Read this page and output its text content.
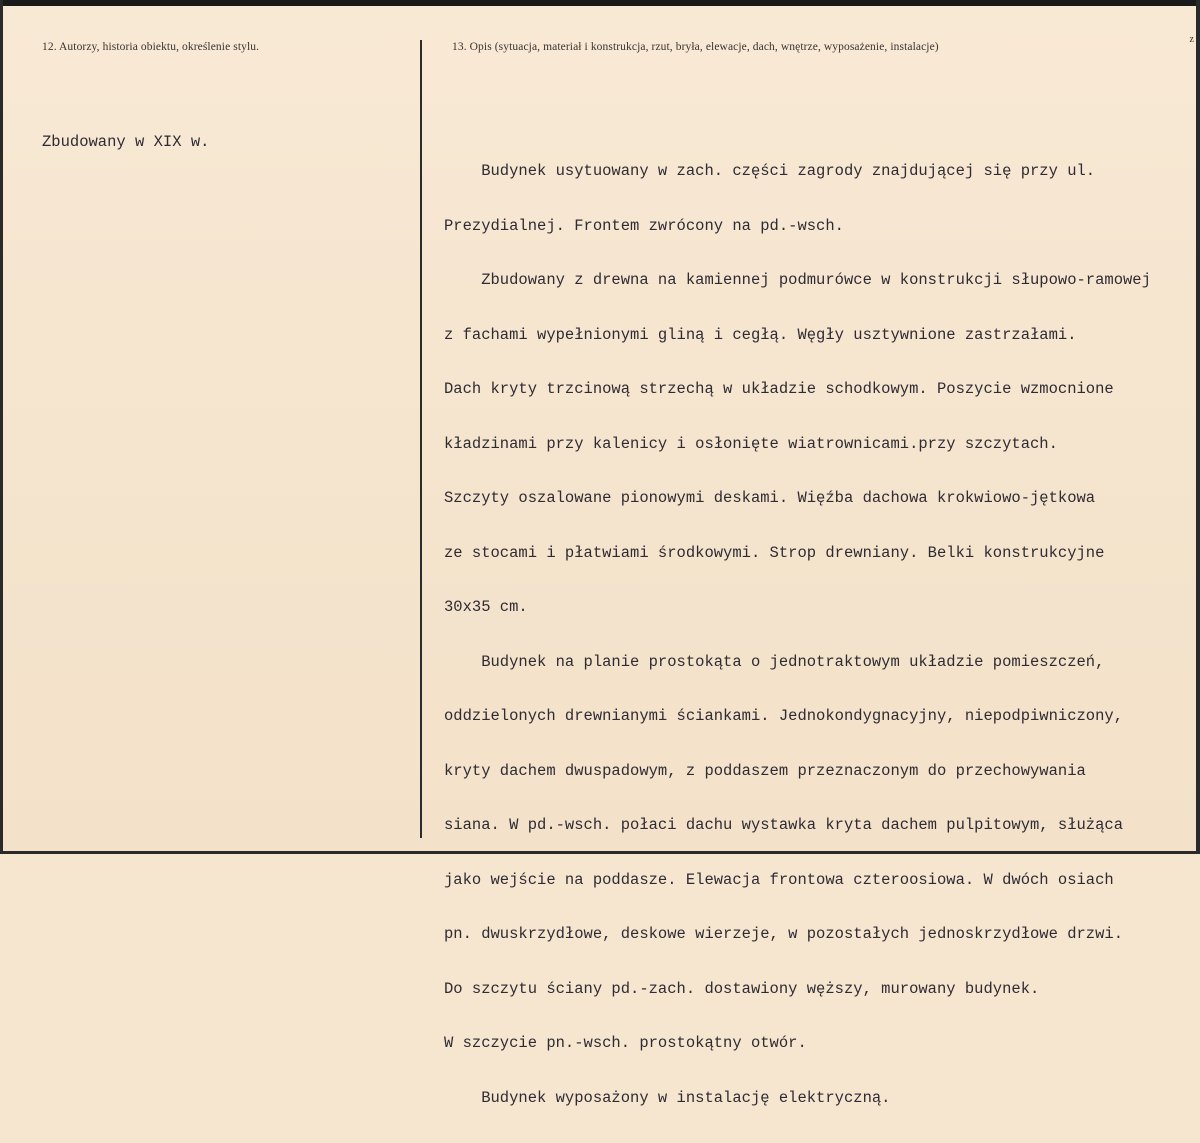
12. Autorzy, historia obiektu, określenie stylu.	13. Opis (sytuacja, materiał i konstrukcja, rzut, bryła, elewacje, dach, wnętrze, wyposażenie, instalacje)
z
Zbudowany w XIX w.

Budynek usytuowany w zach. części zagrody znajdującej się przy ul.

Prezydialnej. Frontem zwrócony na pd.-wsch.

Zbudowany z drewna na kamiennej podmurówce w konstrukcji słupowo-ramowej

z fachami wypełnionymi gliną i cegłą. Węgły usztywnione zastrzałami.

Dach kryty trzcinową strzechą w układzie schodkowym. Poszycie wzmocnione

kładzinami przy kalenicy i osłonięte wiatrownicami.przy szczytach.

Szczyty oszalowane pionowymi deskami. Więźba dachowa krokwiowo-jętkowa

ze stocami i płatwiami środkowymi. Strop drewniany. Belki konstrukcyjne

30x35 cm.

Budynek na planie prostokąta o jednotraktowym układzie pomieszczeń,

oddzielonych drewnianymi ściankami. Jednokondygnacyjny, niepodpiwniczony,

kryty dachem dwuspadowym, z poddaszem przeznaczonym do przechowywania

siana. W pd.-wsch. połaci dachu wystawka kryta dachem pulpitowym, służąca

jako wejście na poddasze. Elewacja frontowa czteroosiowa. W dwóch osiach

pn. dwuskrzydłowe, deskowe wierzeje, w pozostałych jednoskrzydłowe drzwi.

Do szczytu ściany pd.-zach. dostawiony węższy, murowany budynek.

W szczycie pn.-wsch. prostokątny otwór.

Budynek wyposażony w instalację elektryczną.
